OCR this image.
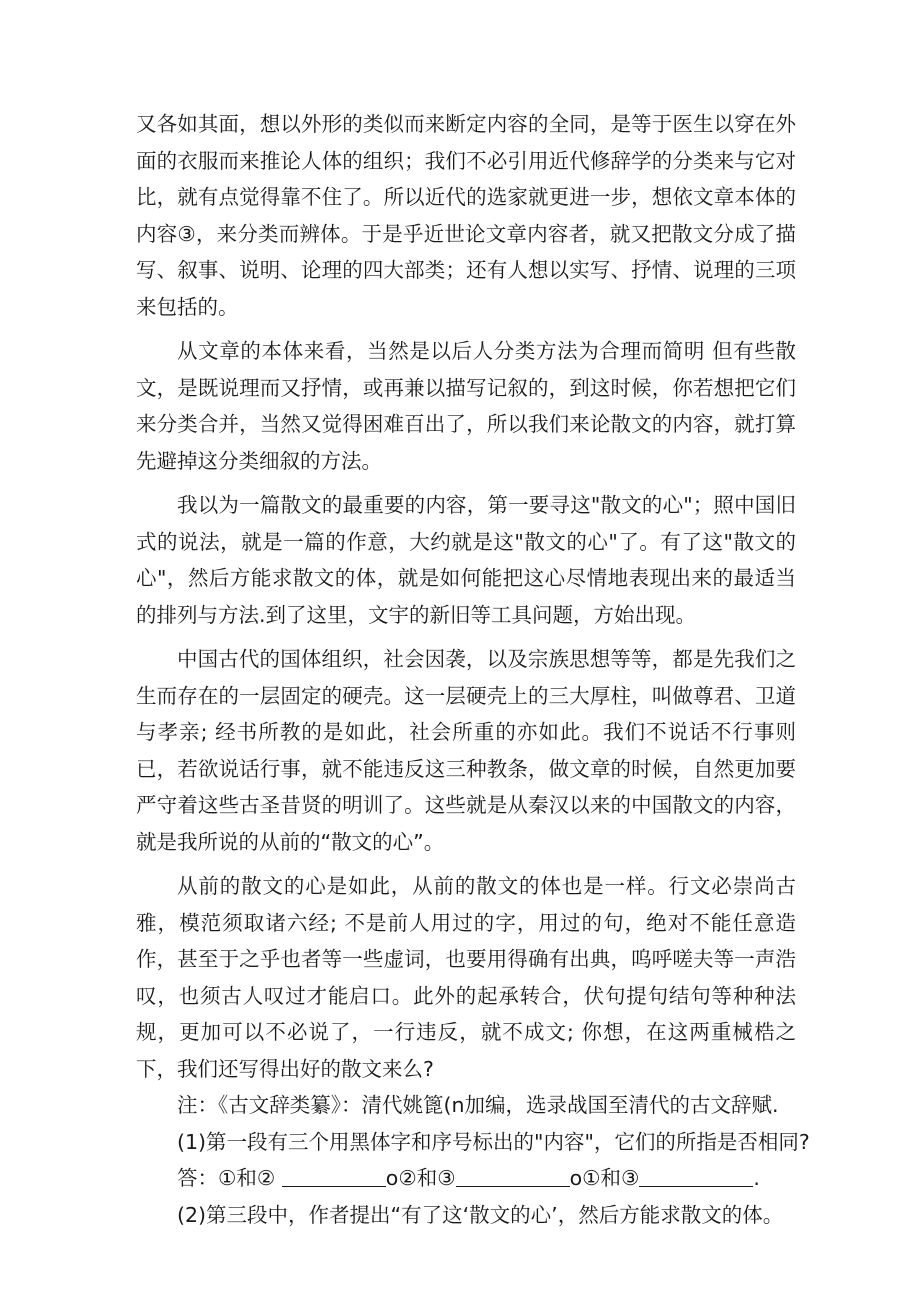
又各如其面，想以外形的类似而来断定内容的全同，是等于医生以穿在外面的衣服而来推论人体的组织；我们不必引用近代修辞学的分类来与它对比，就有点觉得靠不住了。所以近代的选家就更进一步，想依文章本体的内容③，来分类而辨体。于是乎近世论文章内容者，就又把散文分成了描写、叙事、说明、论理的四大部类；还有人想以实写、抒情、说理的三项来包括的。

从文章的本体来看，当然是以后人分类方法为合理而简明 但有些散文，是既说理而又抒情，或再兼以描写记叙的，到这时候，你若想把它们来分类合并，当然又觉得困难百出了，所以我们来论散文的内容，就打算先避掉这分类细叙的方法。

我以为一篇散文的最重要的内容，第一要寻这"散文的心"；照中国旧式的说法，就是一篇的作意，大约就是这"散文的心"了。有了这"散文的心"，然后方能求散文的体，就是如何能把这心尽情地表现出来的最适当的排列与方法.到了这里，文宇的新旧等工具问题，方始出现。

中国古代的国体组织，社会因袭，以及宗族思想等等，都是先我们之生而存在的一层固定的硬壳。这一层硬壳上的三大厚柱，叫做尊君、卫道与孝亲; 经书所教的是如此，社会所重的亦如此。我们不说话不行事则已，若欲说话行事，就不能违反这三种教条，做文章的时候，自然更加要严守着这些古圣昔贤的明训了。这些就是从秦汉以来的中国散文的内容，就是我所说的从前的“散文的心”。

从前的散文的心是如此，从前的散文的体也是一样。行文必崇尚古雅，模范须取诸六经; 不是前人用过的字，用过的句，绝对不能任意造作，甚至于之乎也者等一些虚词，也要用得确有出典，呜呼嗟夫等一声浩叹，也须古人叹过才能启口。此外的起承转合，伏句提句结句等种种法规，更加可以不必说了，一行违反，就不成文; 你想，在这两重械梏之下，我们还写得出好的散文来么?

注：《古文辞类纂》：清代姚篦(n加编，选录战国至清代的古文辞赋.

(1)第一段有三个用黑体字和序号标出的"内容"，它们的所指是否相同?

答：①和②	o②和③	o①和③	.

(2)第三段中，作者提出“有了这‘散文的心’，然后方能求散文的体。
